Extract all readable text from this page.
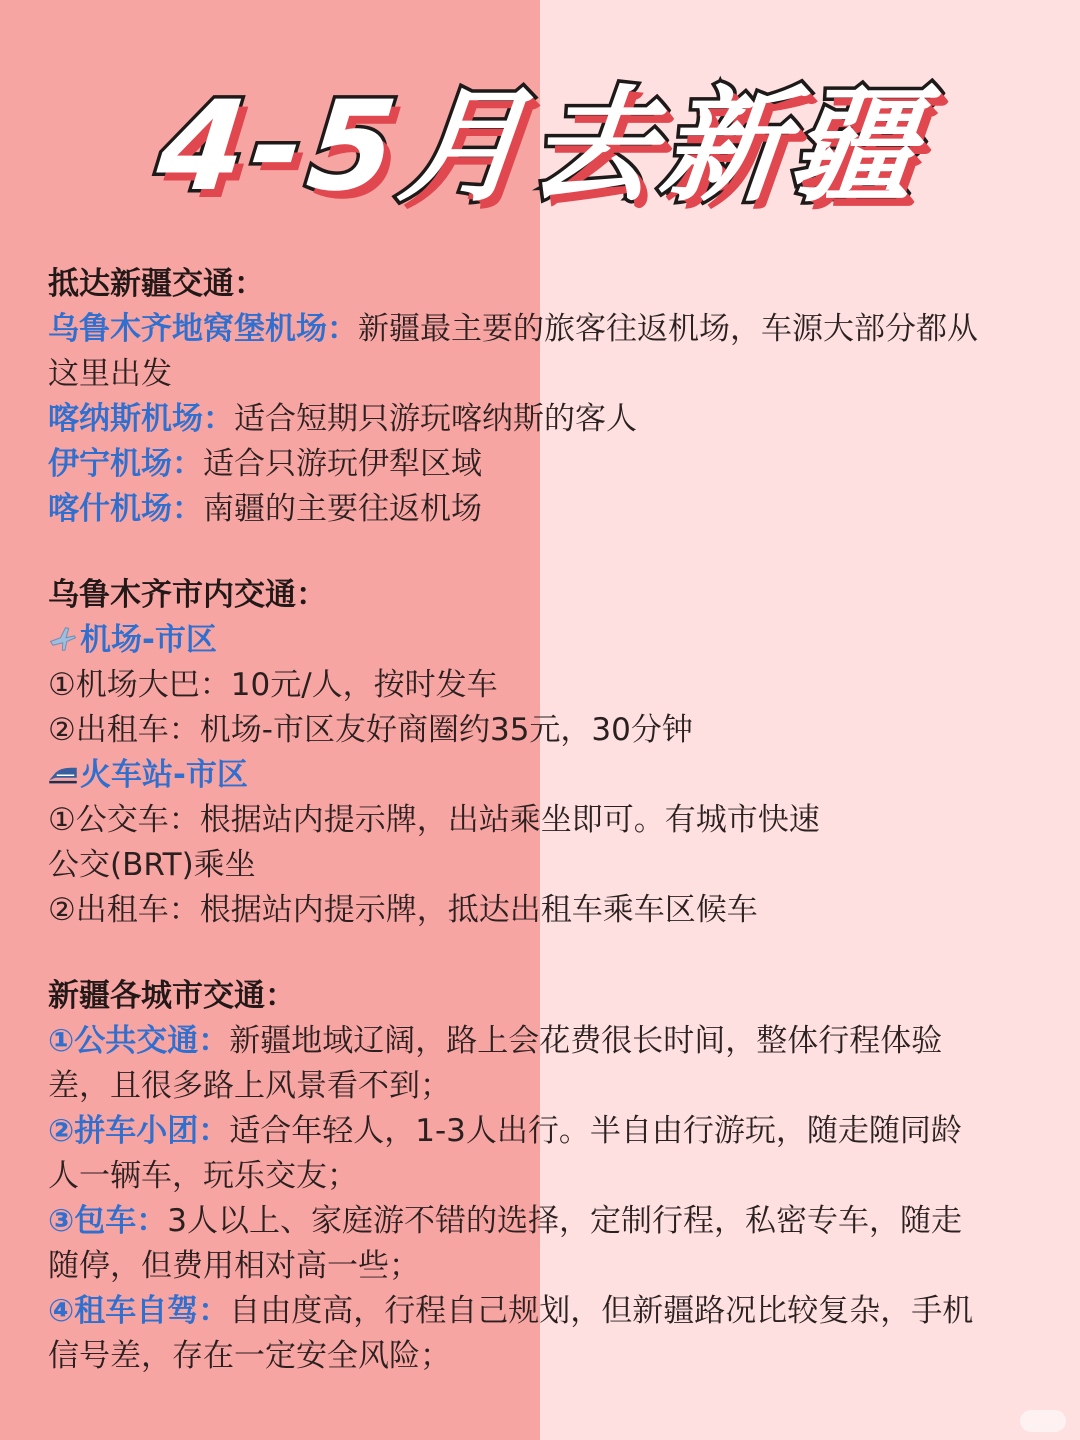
4-5月去新疆
抵达新疆交通：
乌鲁木齐地窝堡机场：新疆最主要的旅客往返机场，车源大部分都从
这里出发
喀纳斯机场：适合短期只游玩喀纳斯的客人
伊宁机场：适合只游玩伊犁区域
喀什机场：南疆的主要往返机场
乌鲁木齐市内交通：
机场-市区
①机场大巴：10元/人，按时发车
②出租车：机场-市区友好商圈约35元，30分钟
火车站-市区
①公交车：根据站内提示牌，出站乘坐即可。有城市快速
公交(BRT)乘坐
②出租车：根据站内提示牌，抵达出租车乘车区候车
新疆各城市交通：
①公共交通：新疆地域辽阔，路上会花费很长时间，整体行程体验
差，且很多路上风景看不到；
②拼车小团：适合年轻人，1-3人出行。半自由行游玩，随走随同龄
人一辆车，玩乐交友；
③包车：3人以上、家庭游不错的选择，定制行程，私密专车，随走
随停，但费用相对高一些；
④租车自驾：自由度高，行程自己规划，但新疆路况比较复杂，手机
信号差，存在一定安全风险；
